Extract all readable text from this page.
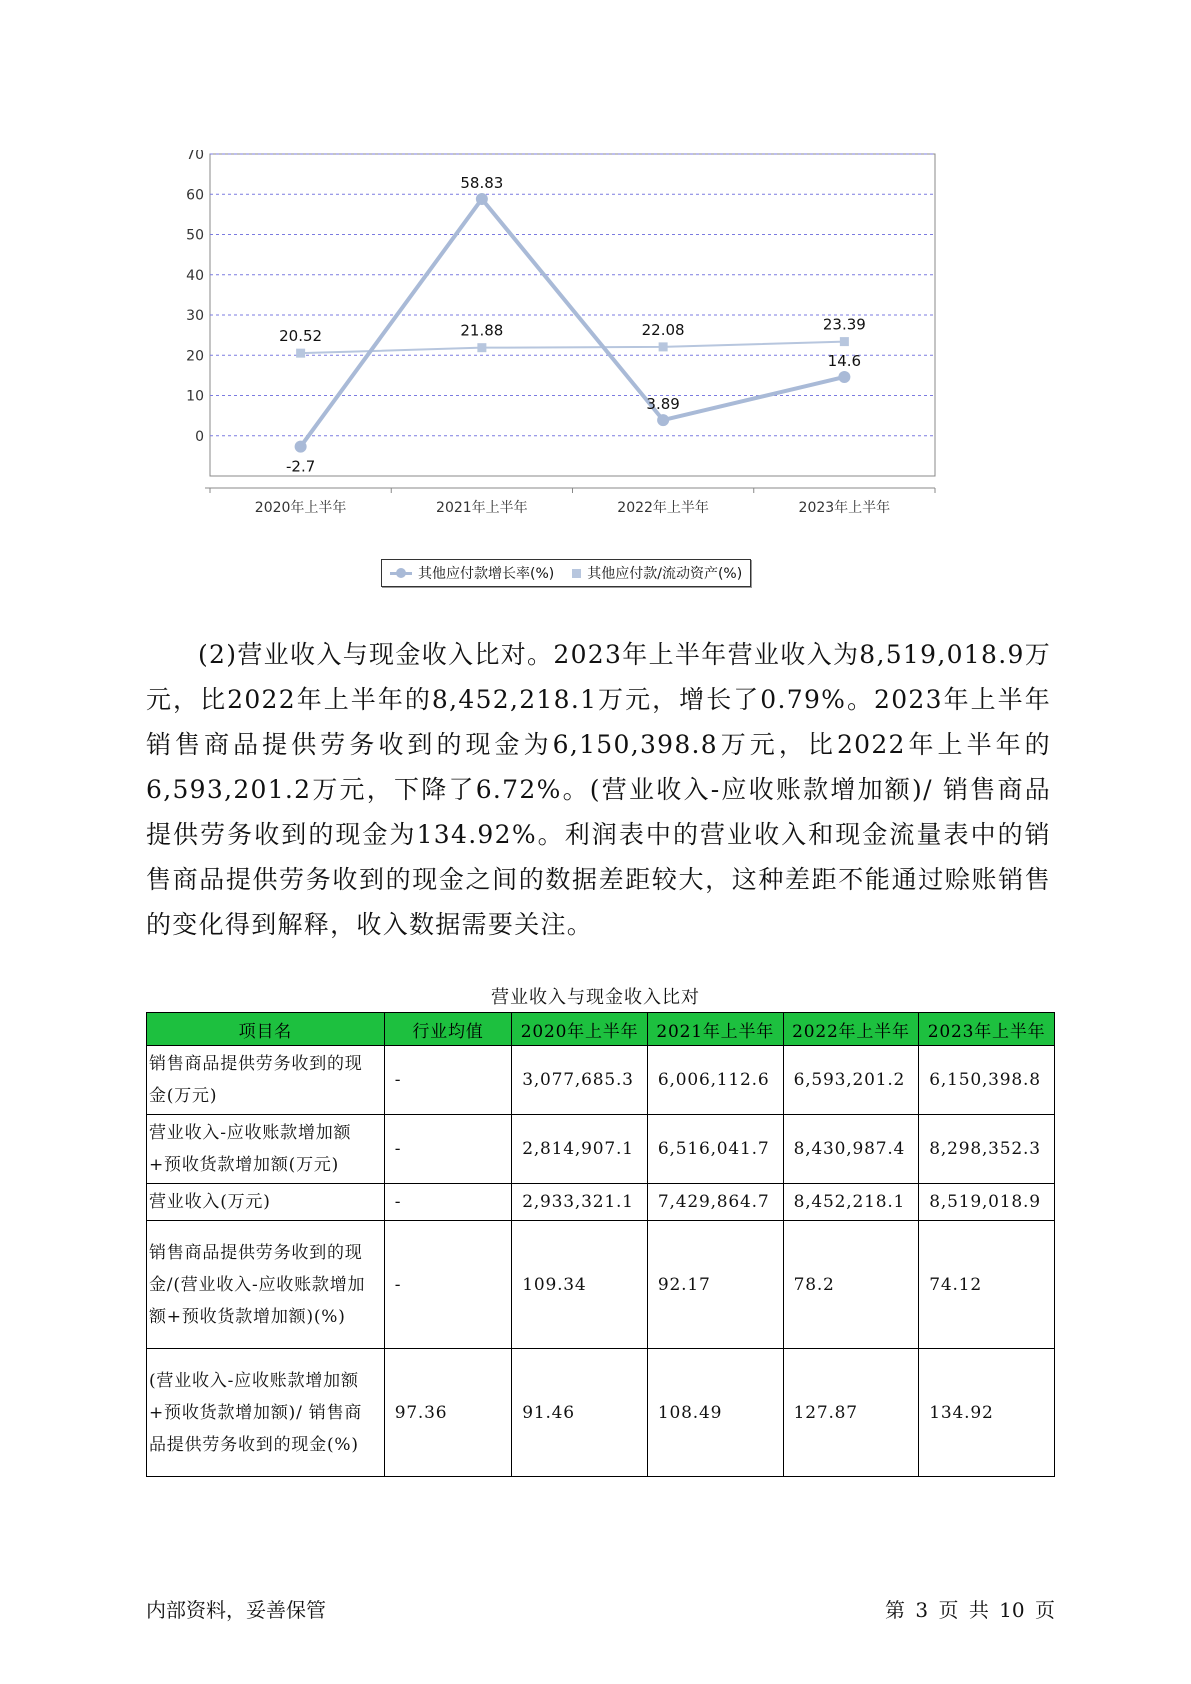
70
60
50
40
30
20
10
0
2020年上半年	2021年上半年	2022年上半年	2023年上半年
20.52	21.88	22.08	23.39
-2.7
58.83
3.89
14.6
其他应付款增长率(%) 其他应付款/流动资产(%)

(2)营业收入与现金收入比对。2023年上半年营业收入为8,519,018.9万元，比2022年上半年的8,452,218.1万元，增长了0.79%。2023年上半年销售商品提供劳务收到的现金为6,150,398.8万元，比2022年上半年的6,593,201.2万元，下降了6.72%。(营业收入-应收账款增加额)/ 销售商品提供劳务收到的现金为134.92%。利润表中的营业收入和现金流量表中的销售商品提供劳务收到的现金之间的数据差距较大，这种差距不能通过赊账销售的变化得到解释，收入数据需要关注。

营业收入与现金收入比对
项目名	行业均值	2020年上半年	2021年上半年	2022年上半年	2023年上半年
销售商品提供劳务收到的现金(万元)	-	3,077,685.3	6,006,112.6	6,593,201.2	6,150,398.8
营业收入-应收账款增加额+预收货款增加额(万元)	-	2,814,907.1	6,516,041.7	8,430,987.4	8,298,352.3
营业收入(万元)	-	2,933,321.1	7,429,864.7	8,452,218.1	8,519,018.9
销售商品提供劳务收到的现金/(营业收入-应收账款增加额+预收货款增加额)(%)	-	109.34	92.17	78.2	74.12
(营业收入-应收账款增加额+预收货款增加额)/ 销售商品提供劳务收到的现金(%)	97.36	91.46	108.49	127.87	134.92
内部资料，妥善保管	第 3 页 共 10 页
